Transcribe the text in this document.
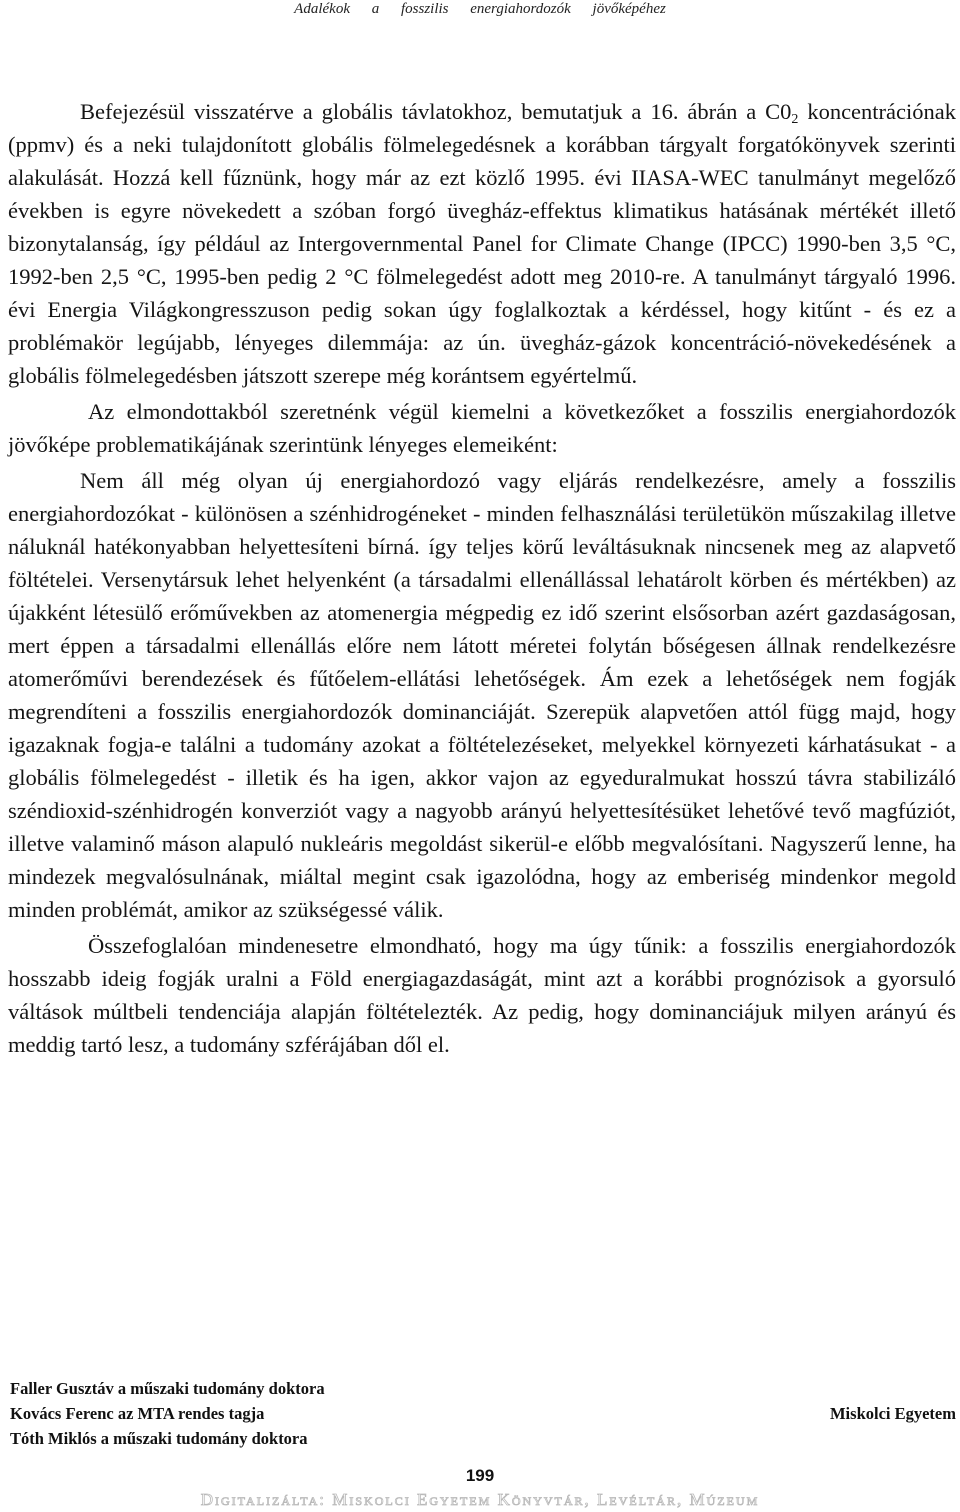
Adalékok a fosszilis energiahordozók jövőképéhez

Befejezésül visszatérve a globális távlatokhoz, bemutatjuk a 16. ábrán a $C0_2$ koncentrációnak (ppmv) és a neki tulajdonított globális fölmelegedésnek a korábban tárgyalt forgatókönyvek szerinti alakulását. Hozzá kell fűznünk, hogy már az ezt közlő 1995. évi IIASA-WEC tanulmányt megelőző években is egyre növekedett a szóban forgó üvegház-effektus klimatikus hatásának mértékét illető bizonytalanság, így például az Intergovernmental Panel for Climate Change (IPCC) 1990-ben 3,5 °C, 1992-ben 2,5 °C, 1995-ben pedig 2 °C fölmelegedést adott meg 2010-re. A tanulmányt tárgyaló 1996. évi Energia Világkongresszuson pedig sokan úgy foglalkoztak a kérdéssel, hogy kitűnt - és ez a problémakör legújabb, lényeges dilemmája: az ún. üvegház-gázok koncentráció-növekedésének a globális fölmelegedésben játszott szerepe még korántsem egyértelmű.

Az elmondottakból szeretnénk végül kiemelni a következőket a fosszilis energiahordozók jövőképe problematikájának szerintünk lényeges elemeiként:

Nem áll még olyan új energiahordozó vagy eljárás rendelkezésre, amely a fosszilis energiahordozókat - különösen a szénhidrogéneket - minden felhasználási területükön műszakilag illetve náluknál hatékonyabban helyettesíteni bírná. így teljes körű leváltásuknak nincsenek meg az alapvető föltételei. Versenytársuk lehet helyenként (a társadalmi ellenállással lehatárolt körben és mértékben) az újakként létesülő erőművekben az atomenergia mégpedig ez idő szerint elsősorban azért gazdaságosan, mert éppen a társadalmi ellenállás előre nem látott méretei folytán bőségesen állnak rendelkezésre atomerőművi berendezések és fűtőelem-ellátási lehetőségek. Ám ezek a lehetőségek nem fogják megrendíteni a fosszilis energiahordozók dominanciáját. Szerepük alapvetően attól függ majd, hogy igazaknak fogja-e találni a tudomány azokat a föltételezéseket, melyekkel környezeti kárhatásukat - a globális fölmelegedést - illetik és ha igen, akkor vajon az egyeduralmukat hosszú távra stabilizáló széndioxid-szénhidrogén konverziót vagy a nagyobb arányú helyettesítésüket lehetővé tevő magfúziót, illetve valaminő máson alapuló nukleáris megoldást sikerül-e előbb megvalósítani. Nagyszerű lenne, ha mindezek megvalósulnának, miáltal megint csak igazolódna, hogy az emberiség mindenkor megold minden problémát, amikor az szükségessé válik.

Összefoglalóan mindenesetre elmondható, hogy ma úgy tűnik: a fosszilis energiahordozók hosszabb ideig fogják uralni a Föld energiagazdaságát, mint azt a korábbi prognózisok a gyorsuló váltások múltbeli tendenciája alapján föltételezték. Az pedig, hogy dominanciájuk milyen arányú és meddig tartó lesz, a tudomány szférájában dől el.

Faller Gusztáv a műszaki tudomány doktora
Kovács Ferenc az MTA rendes tagja
Tóth Miklós a műszaki tudomány doktora
Miskolci Egyetem
199
Digitalizálta: Miskolci Egyetem Könyvtár, Levéltár, Múzeum
